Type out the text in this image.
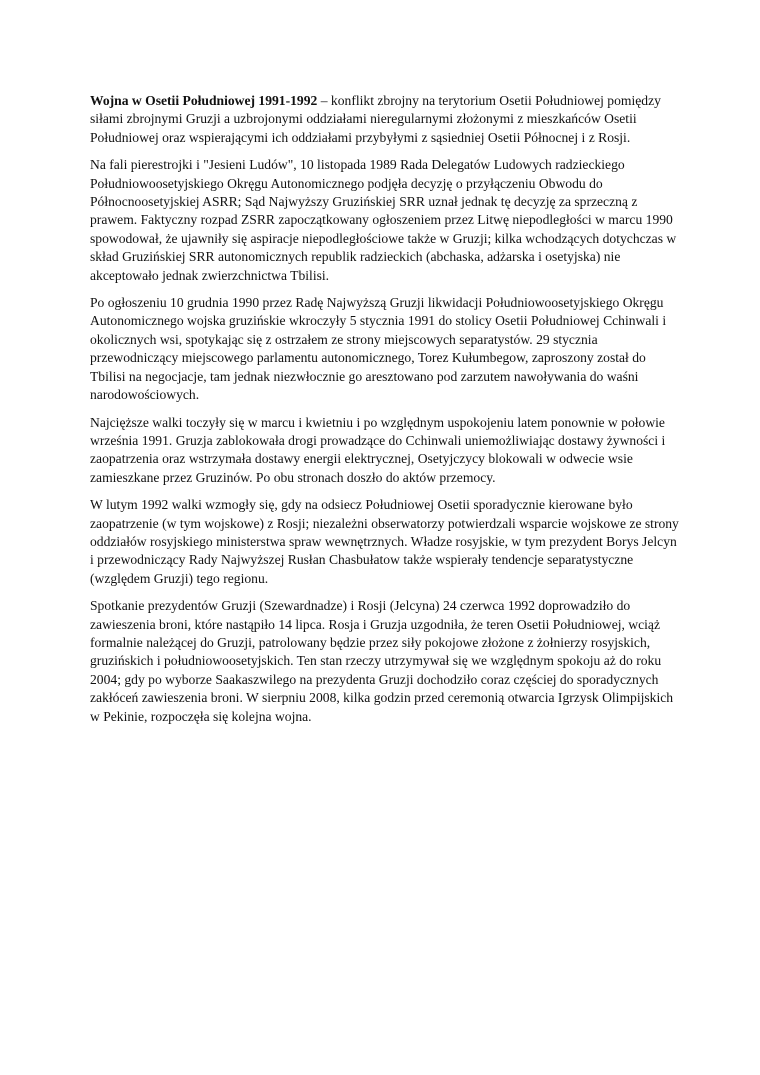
Wojna w Osetii Południowej 1991-1992 – konflikt zbrojny na terytorium Osetii Południowej pomiędzy siłami zbrojnymi Gruzji a uzbrojonymi oddziałami nieregularnymi złożonymi z mieszkańców Osetii Południowej oraz wspierającymi ich oddziałami przybyłymi z sąsiedniej Osetii Północnej i z Rosji.

Na fali pierestrojki i "Jesieni Ludów", 10 listopada 1989 Rada Delegatów Ludowych radzieckiego Południowoosetyjskiego Okręgu Autonomicznego podjęła decyzję o przyłączeniu Obwodu do Północnoosetyjskiej ASRR; Sąd Najwyższy Gruzińskiej SRR uznał jednak tę decyzję za sprzeczną z prawem. Faktyczny rozpad ZSRR zapoczątkowany ogłoszeniem przez Litwę niepodległości w marcu 1990 spowodował, że ujawniły się aspiracje niepodległościowe także w Gruzji; kilka wchodzących dotychczas w skład Gruzińskiej SRR autonomicznych republik radzieckich (abchaska, adżarska i osetyjska) nie akceptowało jednak zwierzchnictwa Tbilisi.

Po ogłoszeniu 10 grudnia 1990 przez Radę Najwyższą Gruzji likwidacji Południowoosetyjskiego Okręgu Autonomicznego wojska gruzińskie wkroczyły 5 stycznia 1991 do stolicy Osetii Południowej Cchinwali i okolicznych wsi, spotykając się z ostrzałem ze strony miejscowych separatystów. 29 stycznia przewodniczący miejscowego parlamentu autonomicznego, Torez Kułumbegow, zaproszony został do Tbilisi na negocjacje, tam jednak niezwłocznie go aresztowano pod zarzutem nawoływania do waśni narodowościowych.

Najcięższe walki toczyły się w marcu i kwietniu i po względnym uspokojeniu latem ponownie w połowie września 1991. Gruzja zablokowała drogi prowadzące do Cchinwali uniemożliwiając dostawy żywności i zaopatrzenia oraz wstrzymała dostawy energii elektrycznej, Osetyjczycy blokowali w odwecie wsie zamieszkane przez Gruzinów. Po obu stronach doszło do aktów przemocy.

W lutym 1992 walki wzmogły się, gdy na odsiecz Południowej Osetii sporadycznie kierowane było zaopatrzenie (w tym wojskowe) z Rosji; niezależni obserwatorzy potwierdzali wsparcie wojskowe ze strony oddziałów rosyjskiego ministerstwa spraw wewnętrznych. Władze rosyjskie, w tym prezydent Borys Jelcyn i przewodniczący Rady Najwyższej Rusłan Chasbułatow także wspierały tendencje separatystyczne (względem Gruzji) tego regionu.

Spotkanie prezydentów Gruzji (Szewardnadze) i Rosji (Jelcyna) 24 czerwca 1992 doprowadziło do zawieszenia broni, które nastąpiło 14 lipca. Rosja i Gruzja uzgodniła, że teren Osetii Południowej, wciąż formalnie należącej do Gruzji, patrolowany będzie przez siły pokojowe złożone z żołnierzy rosyjskich, gruzińskich i południowoosetyjskich. Ten stan rzeczy utrzymywał się we względnym spokoju aż do roku 2004; gdy po wyborze Saakaszwilego na prezydenta Gruzji dochodziło coraz częściej do sporadycznych zakłóceń zawieszenia broni. W sierpniu 2008, kilka godzin przed ceremonią otwarcia Igrzysk Olimpijskich w Pekinie, rozpoczęła się kolejna wojna.
